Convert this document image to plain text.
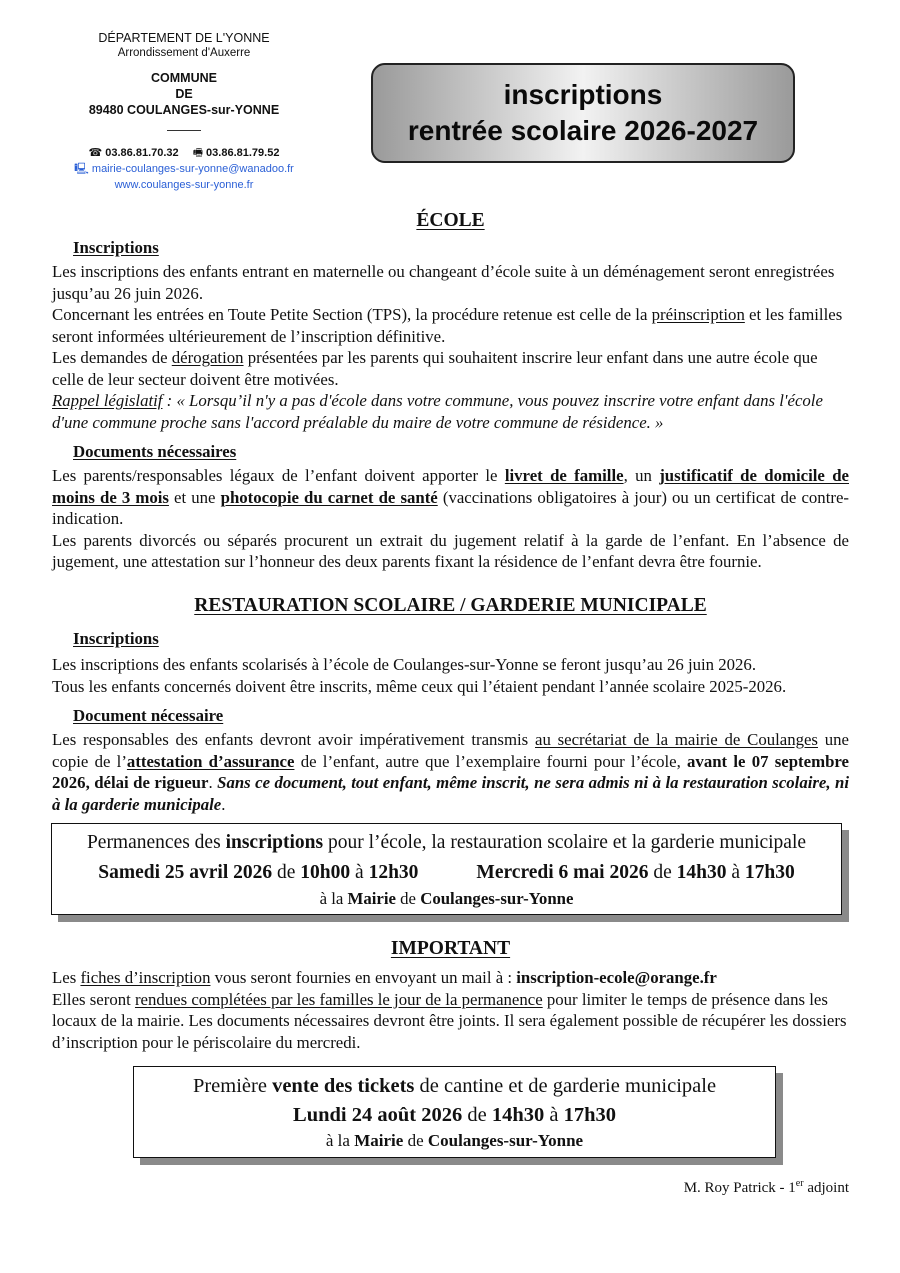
DÉPARTEMENT DE L'YONNE
Arrondissement d'Auxerre
COMMUNE
DE
89480 COULANGES-sur-YONNE
☎ 03.86.81.70.32 🖷 03.86.81.79.52
🖳 mairie-coulanges-sur-yonne@wanadoo.fr
www.coulanges-sur-yonne.fr
inscriptions
rentrée scolaire 2026-2027
ÉCOLE
Inscriptions

Les inscriptions des enfants entrant en maternelle ou changeant d’école suite à un déménagement seront enregistrées jusqu’au 26 juin 2026.

Concernant les entrées en Toute Petite Section (TPS), la procédure retenue est celle de la préinscription et les familles seront informées ultérieurement de l’inscription définitive.

Les demandes de dérogation présentées par les parents qui souhaitent inscrire leur enfant dans une autre école que celle de leur secteur doivent être motivées.

Rappel législatif : « Lorsqu’il n'y a pas d'école dans votre commune, vous pouvez inscrire votre enfant dans l'école d'une commune proche sans l'accord préalable du maire de votre commune de résidence. »

Documents nécessaires

Les parents/responsables légaux de l’enfant doivent apporter le livret de famille, un justificatif de domicile de moins de 3 mois et une photocopie du carnet de santé (vaccinations obligatoires à jour) ou un certificat de contre-indication.

Les parents divorcés ou séparés procurent un extrait du jugement relatif à la garde de l’enfant. En l’absence de jugement, une attestation sur l’honneur des deux parents fixant la résidence de l’enfant devra être fournie.

RESTAURATION SCOLAIRE / GARDERIE MUNICIPALE
Inscriptions

Les inscriptions des enfants scolarisés à l’école de Coulanges-sur-Yonne se feront jusqu’au 26 juin 2026.

Tous les enfants concernés doivent être inscrits, même ceux qui l’étaient pendant l’année scolaire 2025-2026.

Document nécessaire

Les responsables des enfants devront avoir impérativement transmis au secrétariat de la mairie de Coulanges une copie de l’attestation d’assurance de l’enfant, autre que l’exemplaire fourni pour l’école, avant le 07 septembre 2026, délai de rigueur. Sans ce document, tout enfant, même inscrit, ne sera admis ni à la restauration scolaire, ni à la garderie municipale.

Permanences des inscriptions pour l’école, la restauration scolaire et la garderie municipale
Samedi 25 avril 2026 de 10h00 à 12h30	Mercredi 6 mai 2026 de 14h30 à 17h30
à la Mairie de Coulanges-sur-Yonne
IMPORTANT

Les fiches d’inscription vous seront fournies en envoyant un mail à : inscription-ecole@orange.fr

Elles seront rendues complétées par les familles le jour de la permanence pour limiter le temps de présence dans les locaux de la mairie. Les documents nécessaires devront être joints. Il sera également possible de récupérer les dossiers d’inscription pour le périscolaire du mercredi.

Première vente des tickets de cantine et de garderie municipale
Lundi 24 août 2026 de 14h30 à 17h30
à la Mairie de Coulanges-sur-Yonne
M. Roy Patrick - 1er adjoint
